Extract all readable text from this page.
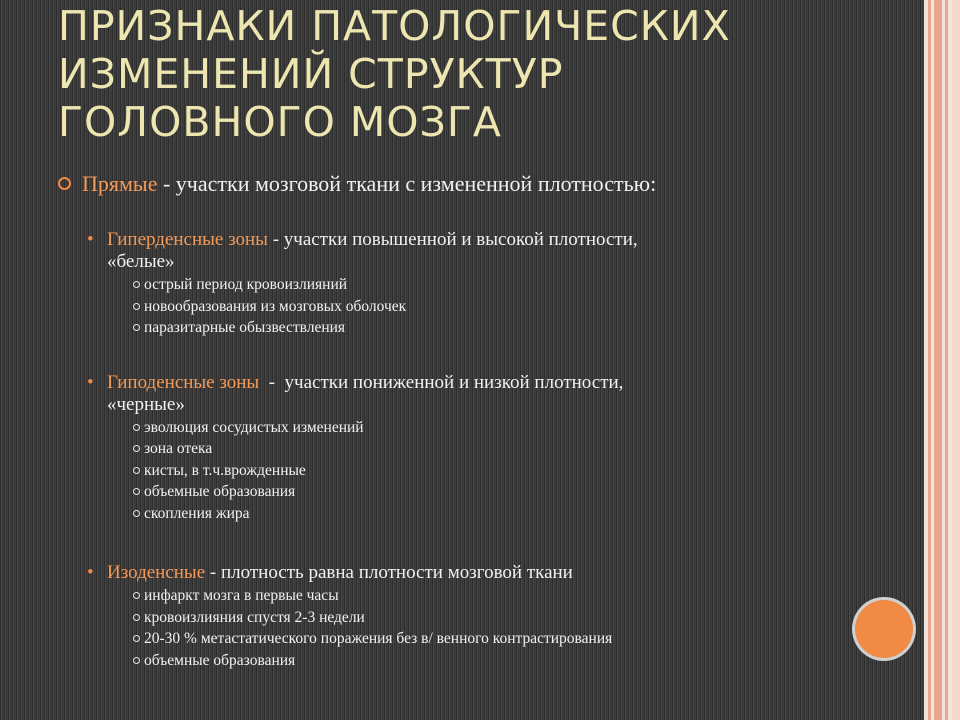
ПРИЗНАКИ ПАТОЛОГИЧЕСКИХ
ИЗМЕНЕНИЙ СТРУКТУР
ГОЛОВНОГО МОЗГА
Прямые - участки мозговой ткани с измененной плотностью:
• Гиперденсные зоны - участки повышенной и высокой плотности,
«белые»
острый период кровоизлияний
новообразования из мозговых оболочек
паразитарные обызвествления
• Гиподенсные зоны  -  участки пониженной и низкой плотности,
«черные»
эволюция сосудистых изменений
зона отека
кисты, в т.ч.врожденные
объемные образования
скопления жира
• Изоденсные - плотность равна плотности мозговой ткани
инфаркт мозга в первые часы
кровоизлияния спустя 2-3 недели
20-30 % метастатического поражения без в/ венного контрастирования
объемные образования
